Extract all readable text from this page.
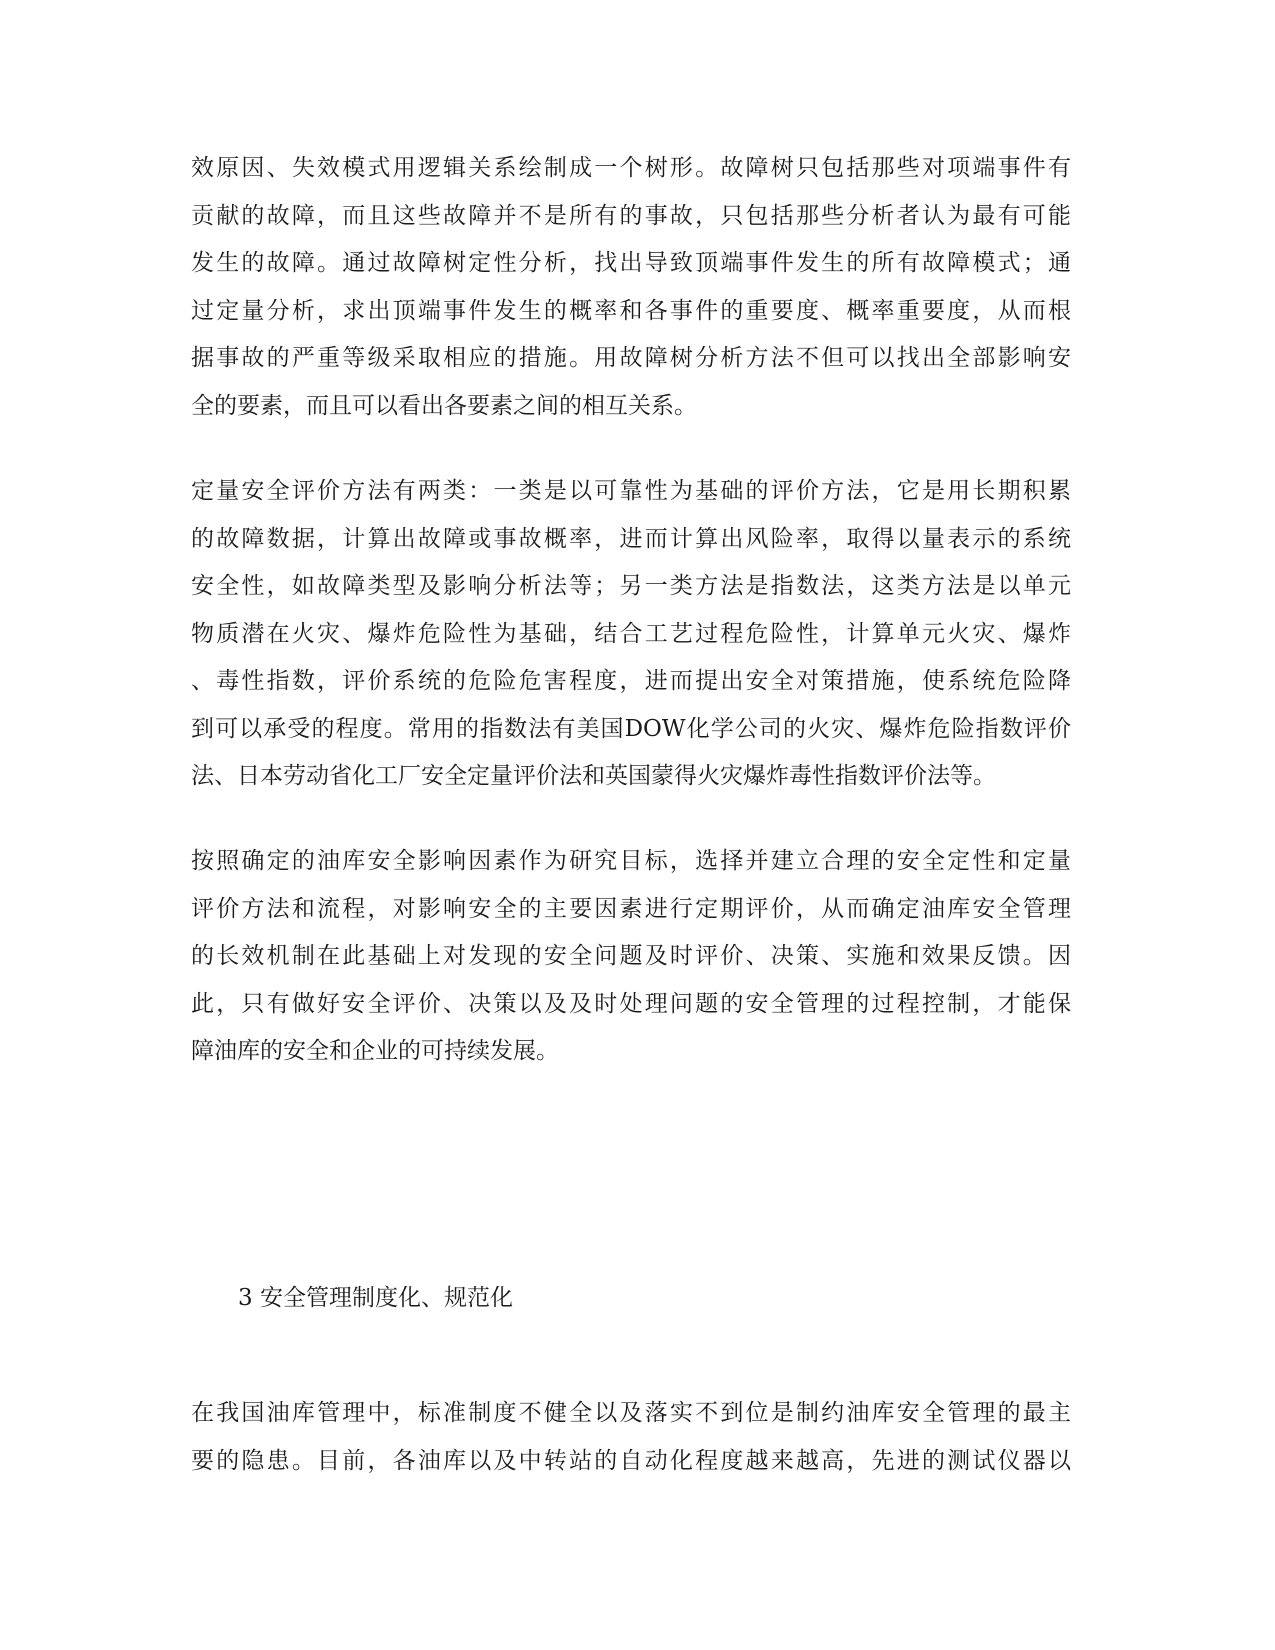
效原因、失效模式用逻辑关系绘制成一个树形。故障树只包括那些对项端事件有
贡献的故障，而且这些故障并不是所有的事故，只包括那些分析者认为最有可能
发生的故障。通过故障树定性分析，找出导致顶端事件发生的所有故障模式；通
过定量分析，求出顶端事件发生的概率和各事件的重要度、概率重要度，从而根
据事故的严重等级采取相应的措施。用故障树分析方法不但可以找出全部影响安
全的要素，而且可以看出各要素之间的相互关系。

定量安全评价方法有两类：一类是以可靠性为基础的评价方法，它是用长期积累
的故障数据，计算出故障或事故概率，进而计算出风险率，取得以量表示的系统
安全性，如故障类型及影响分析法等；另一类方法是指数法，这类方法是以单元
物质潜在火灾、爆炸危险性为基础，结合工艺过程危险性，计算单元火灾、爆炸
、毒性指数，评价系统的危险危害程度，进而提出安全对策措施，使系统危险降
到可以承受的程度。常用的指数法有美国DOW化学公司的火灾、爆炸危险指数评价
法、日本劳动省化工厂安全定量评价法和英国蒙得火灾爆炸毒性指数评价法等。

按照确定的油库安全影响因素作为研究目标，选择并建立合理的安全定性和定量
评价方法和流程，对影响安全的主要因素进行定期评价，从而确定油库安全管理
的长效机制在此基础上对发现的安全问题及时评价、决策、实施和效果反馈。因
此，只有做好安全评价、决策以及及时处理问题的安全管理的过程控制，才能保
障油库的安全和企业的可持续发展。

3 安全管理制度化、规范化

在我国油库管理中，标准制度不健全以及落实不到位是制约油库安全管理的最主
要的隐患。目前，各油库以及中转站的自动化程度越来越高，先进的测试仪器以
